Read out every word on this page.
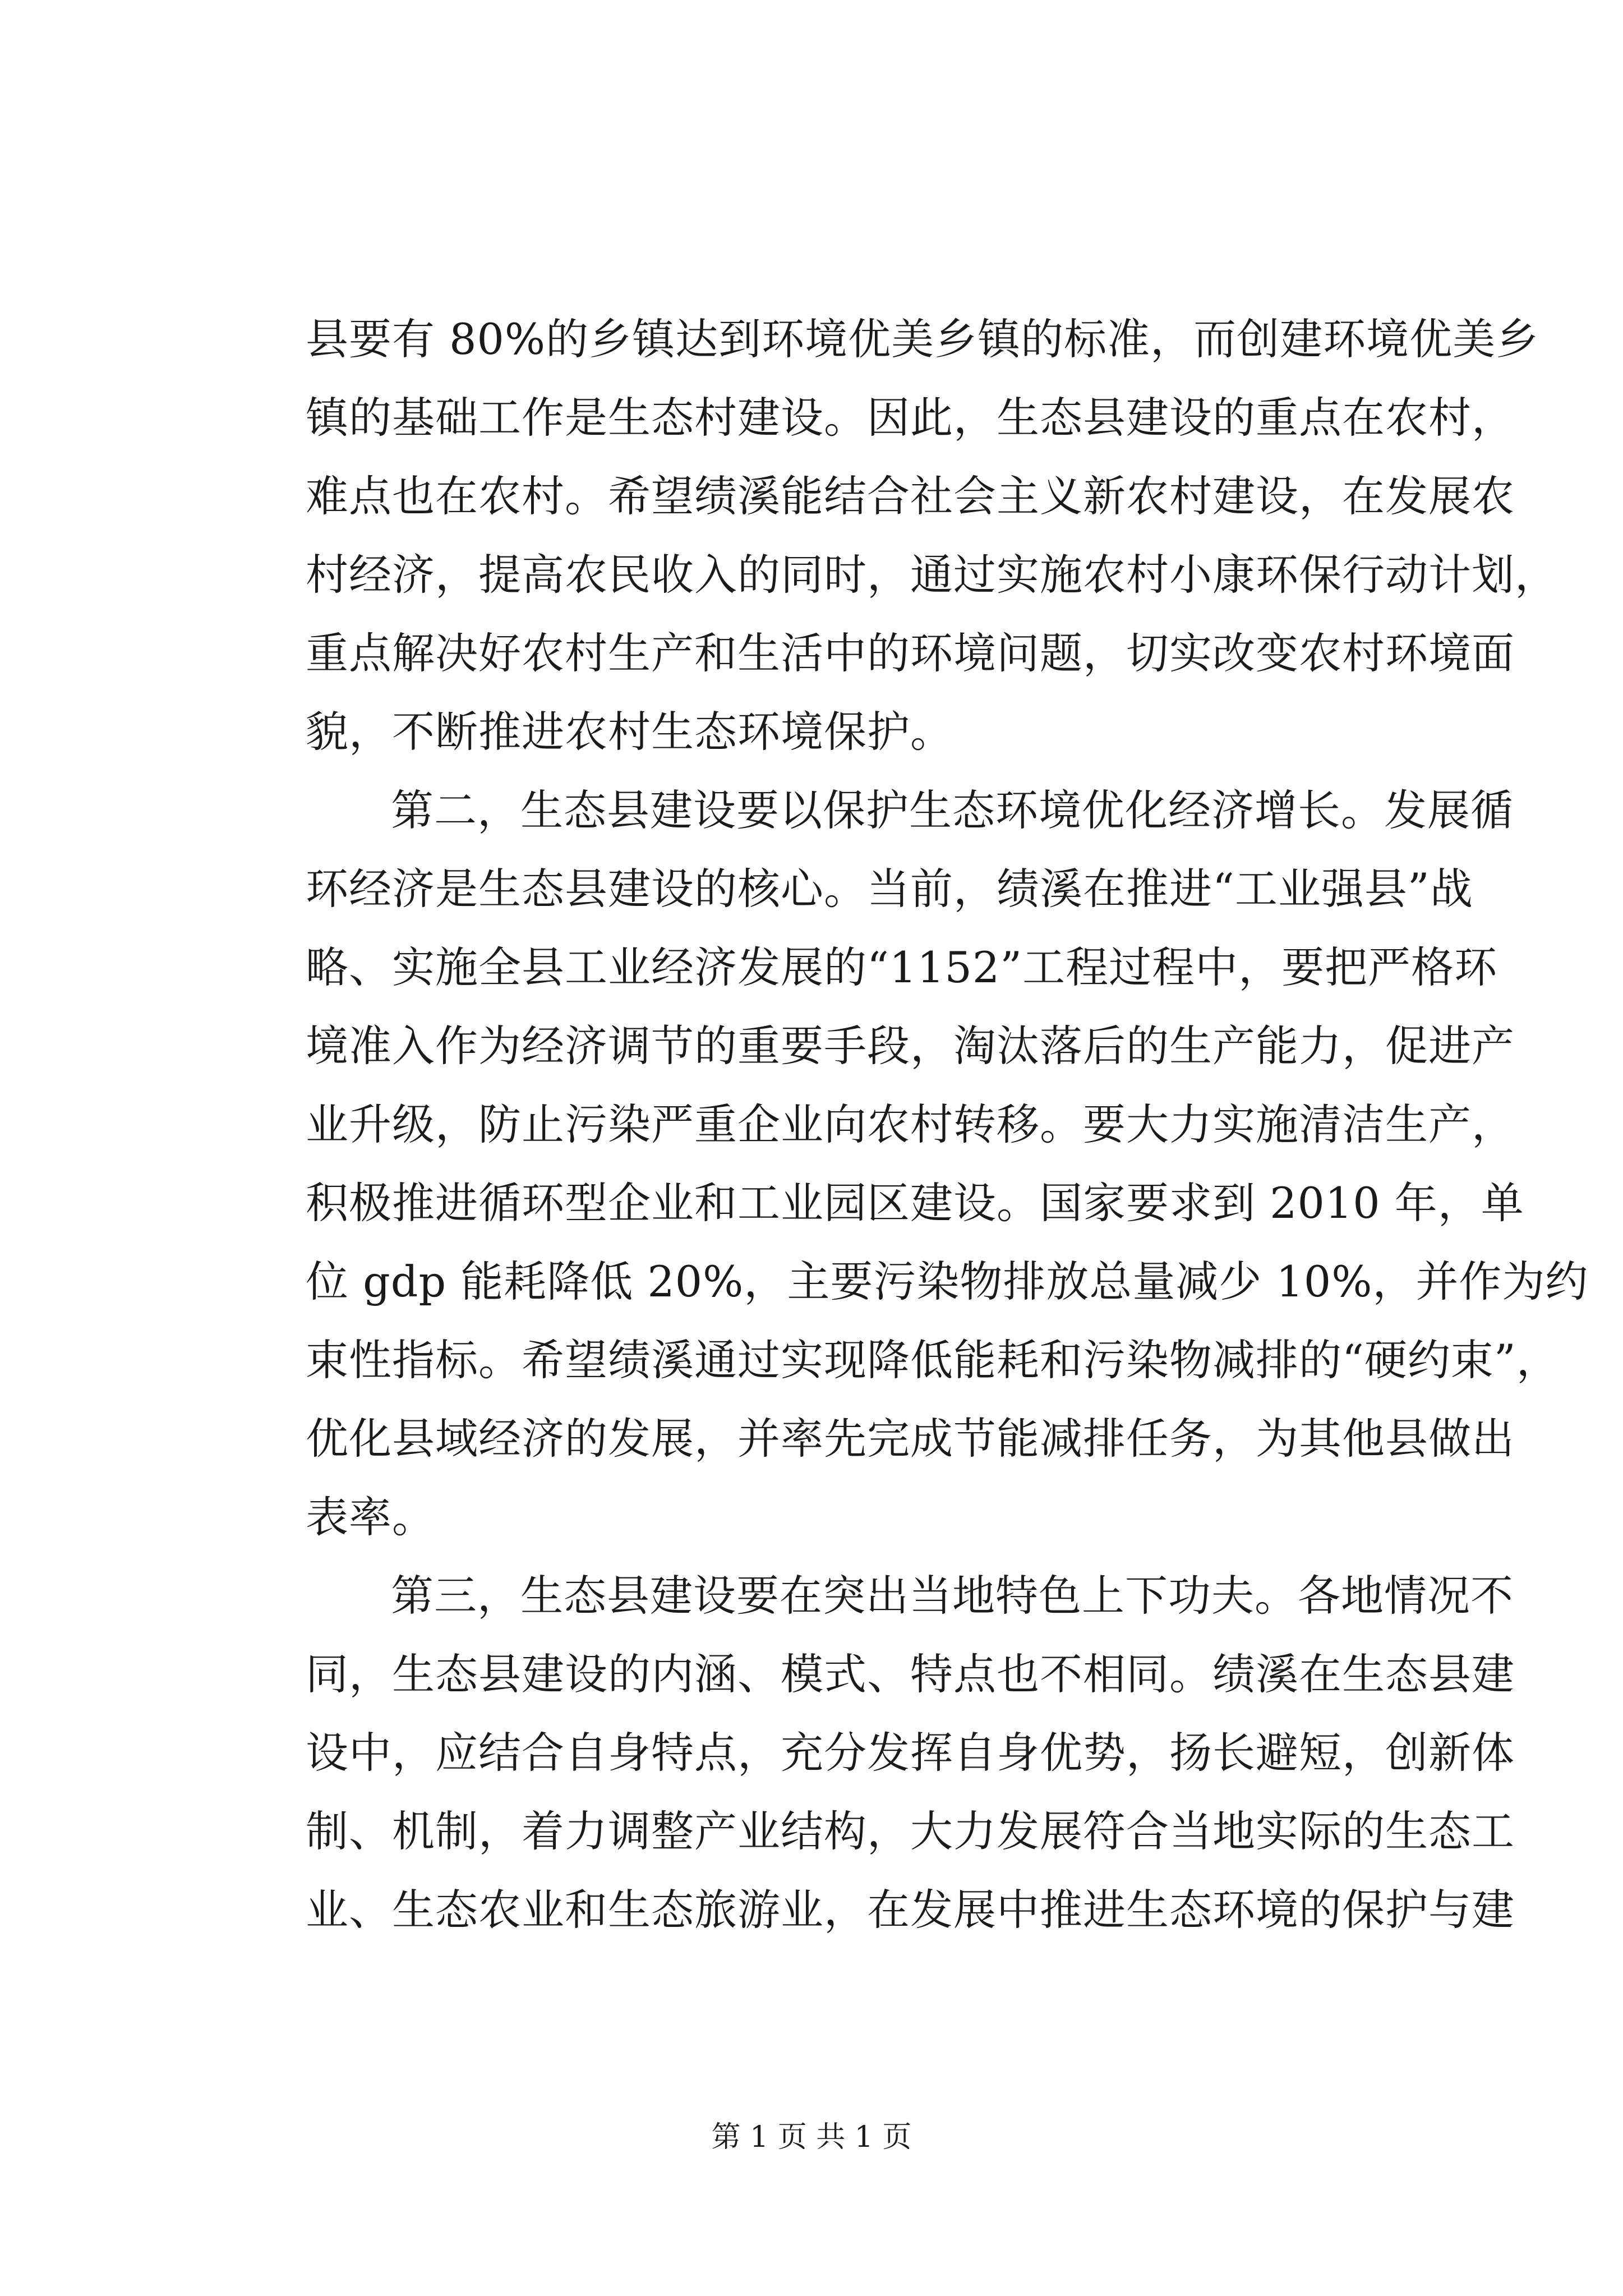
县要有 80%的乡镇达到环境优美乡镇的标准，而创建环境优美乡
镇的基础工作是生态村建设。因此，生态县建设的重点在农村，
难点也在农村。希望绩溪能结合社会主义新农村建设，在发展农
村经济，提高农民收入的同时，通过实施农村小康环保行动计划，
重点解决好农村生产和生活中的环境问题，切实改变农村环境面
貌，不断推进农村生态环境保护。
第二，生态县建设要以保护生态环境优化经济增长。发展循
环经济是生态县建设的核心。当前，绩溪在推进“工业强县”战
略、实施全县工业经济发展的“1152”工程过程中，要把严格环
境准入作为经济调节的重要手段，淘汰落后的生产能力，促进产
业升级，防止污染严重企业向农村转移。要大力实施清洁生产，
积极推进循环型企业和工业园区建设。国家要求到 2010 年，单
位 gdp 能耗降低 20%，主要污染物排放总量减少 10%，并作为约
束性指标。希望绩溪通过实现降低能耗和污染物减排的“硬约束”，
优化县域经济的发展，并率先完成节能减排任务，为其他县做出
表率。
第三，生态县建设要在突出当地特色上下功夫。各地情况不
同，生态县建设的内涵、模式、特点也不相同。绩溪在生态县建
设中，应结合自身特点，充分发挥自身优势，扬长避短，创新体
制、机制，着力调整产业结构，大力发展符合当地实际的生态工
业、生态农业和生态旅游业，在发展中推进生态环境的保护与建
第 1 页 共 1 页
